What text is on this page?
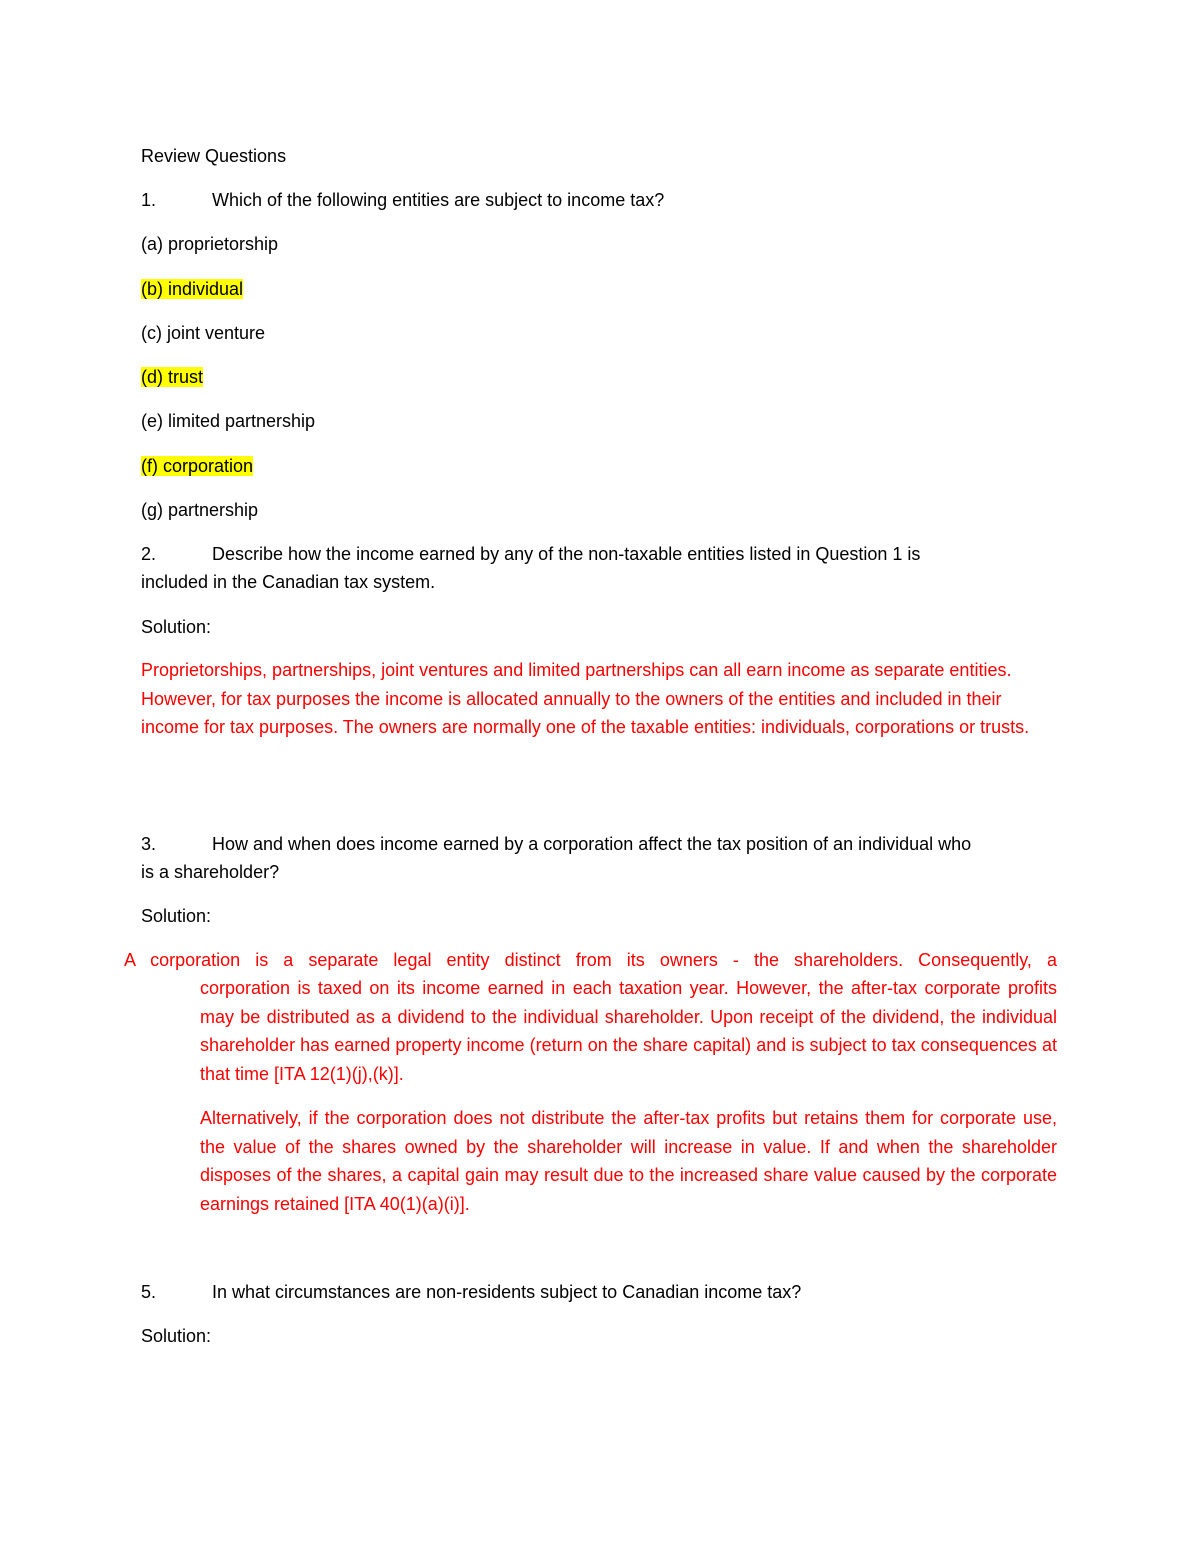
Review Questions
1.	Which of the following entities are subject to income tax?
(a) proprietorship
(b) individual
(c) joint venture
(d) trust
(e) limited partnership
(f) corporation
(g) partnership
2.	Describe how the income earned by any of the non-taxable entities listed in Question 1 is
included in the Canadian tax system.
Solution:
Proprietorships, partnerships, joint ventures and limited partnerships can all earn income as separate entities. However, for tax purposes the income is allocated annually to the owners of the entities and included in their income for tax purposes. The owners are normally one of the taxable entities: individuals, corporations or trusts.
3.	How and when does income earned by a corporation affect the tax position of an individual who
is a shareholder?
Solution:
A corporation is a separate legal entity distinct from its owners - the shareholders. Consequently, a
corporation is taxed on its income earned in each taxation year. However, the after-tax corporate profits may be distributed as a dividend to the individual shareholder. Upon receipt of the dividend, the individual shareholder has earned property income (return on the share capital) and is subject to tax consequences at that time [ITA 12(1)(j),(k)].
Alternatively, if the corporation does not distribute the after-tax profits but retains them for corporate use, the value of the shares owned by the shareholder will increase in value. If and when the shareholder disposes of the shares, a capital gain may result due to the increased share value caused by the corporate earnings retained [ITA 40(1)(a)(i)].
5.	In what circumstances are non-residents subject to Canadian income tax?
Solution:
